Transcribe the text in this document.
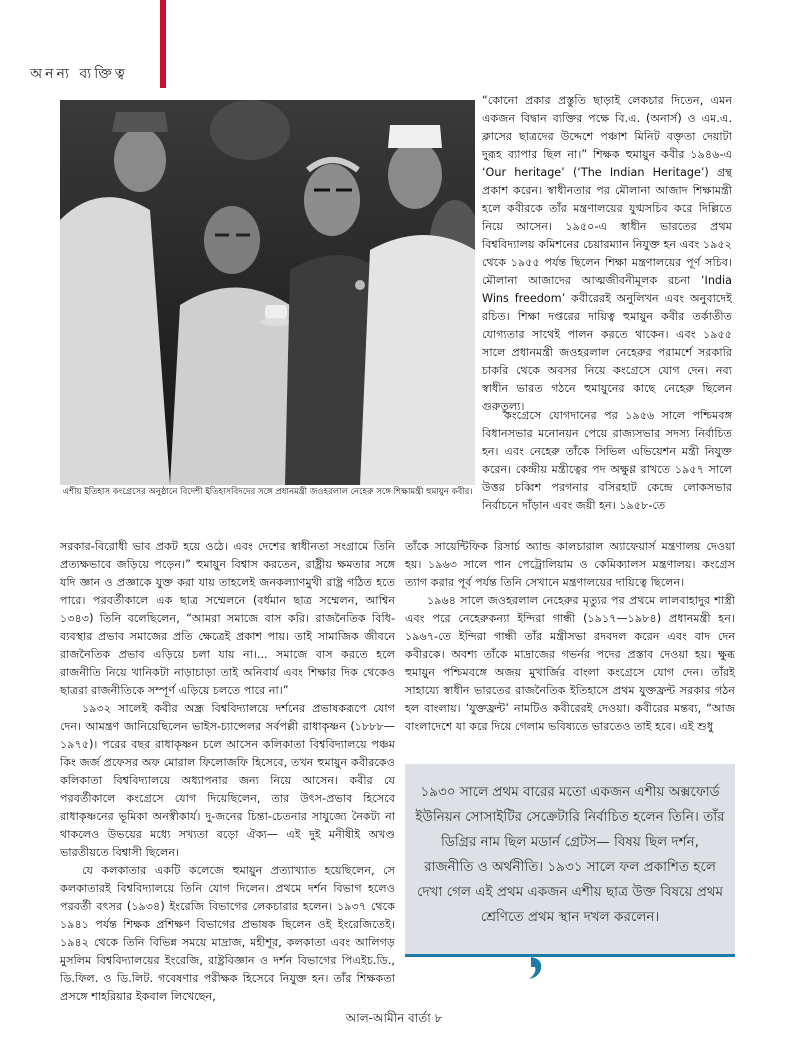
অনন্য ব্যক্তিত্ব
এশীয় ইতিহাস কংগ্রেসের অনুষ্ঠানে বিদেশী ইতিহাসবিদদের সঙ্গে প্রধানমন্ত্রী জওহরলাল নেহেরু সঙ্গে শিক্ষামন্ত্রী হুমায়ুন কবীর।

“কোনো প্রকার প্রস্তুতি ছাড়াই লেকচার দিতেন, এমন একজন বিদ্বান ব্যক্তির পক্ষে বি.এ. (অনার্স) ও এম.এ. ক্লাসের ছাত্রদের উদ্দেশে পঞ্চাশ মিনিট বক্তৃতা দেয়াটা দুরূহ ব্যাপার ছিল না।” শিক্ষক হুমায়ুন কবীর ১৯৪৬-এ ‘Our heritage’ (‘The Indian Heritage’) গ্রন্থ প্রকাশ করেন। স্বাধীনতার পর মৌলানা আজাদ শিক্ষামন্ত্রী হলে কবীরকে তাঁর মন্ত্রণালয়ের যুগ্মসচিব করে দিল্লিতে নিয়ে আসেন। ১৯৫০-এ স্বাধীন ভারতের প্রথম বিশ্ববিদ্যালয় কমিশনের চেয়ারম্যান নিযুক্ত হন এবং ১৯৫২ থেকে ১৯৫৫ পর্যন্ত ছিলেন শিক্ষা মন্ত্রণালয়ের পূর্ণ সচিব। মৌলানা আজাদের আত্মজীবনীমূলক রচনা ‘India Wins freedom’ কবীরেরই অনুলিখন এবং অনুবাদেই রচিত। শিক্ষা দপ্তরের দায়িত্ব হুমায়ুন কবীর তর্কাতীত যোগ্যতার সাথেই পালন করতে থাকেন। এবং ১৯৫৫ সালে প্রধানমন্ত্রী জওহরলাল নেহেরুর পরামর্শে সরকারি চাকরি থেকে অবসর নিয়ে কংগ্রেসে যোগ দেন। নব্য স্বাধীন ভারত গঠনে হুমায়ুনের কাছে নেহেরু ছিলেন গুরুতুল্য।

কংগ্রেসে যোগদানের পর ১৯৫৬ সালে পশ্চিমবঙ্গ বিধানসভার মনোনয়ন পেয়ে রাজ্যসভার সদস্য নির্বাচিত হন। এবং নেহেরু তাঁকে সিভিল এভিয়েশন মন্ত্রী নিযুক্ত করেন। কেন্দ্রীয় মন্ত্রীত্বের পদ অক্ষুণ্ণ রাখতে ১৯৫৭ সালে উত্তর চব্বিশ পরগনার বসিরহাট কেন্দ্রে লোকসভার নির্বাচনে দাঁড়ান এবং জয়ী হন। ১৯৫৮-তে

সরকার-বিরোধী ভাব প্রকট হয়ে ওঠে। এবং দেশের স্বাধীনতা সংগ্রামে তিনি প্রত্যক্ষভাবে জড়িয়ে পড়েন।” হুমায়ুন বিশ্বাস করতেন, রাষ্ট্রীয় ক্ষমতার সঙ্গে যদি জ্ঞান ও প্রজ্ঞাকে যুক্ত করা যায় তাহলেই জনকল্যাণমুখী রাষ্ট্র গঠিত হতে পারে। পরবর্তীকালে এক ছাত্র সম্মেলনে (বর্ধমান ছাত্র সম্মেলন, আশ্বিন ১৩৪৩) তিনি বলেছিলেন, “আমরা সমাজে বাস করি। রাজনৈতিক বিধি-ব্যবস্থার প্রভাব সমাজের প্রতি ক্ষেত্রেই প্রকাশ পায়। তাই সামাজিক জীবনে রাজনৈতিক প্রভাব এড়িয়ে চলা যায় না।... সমাজে বাস করতে হলে রাজনীতি নিয়ে খানিকটা নাড়াচাড়া তাই অনিবার্য এবং শিক্ষার দিক থেকেও ছাত্ররা রাজনীতিকে সম্পূর্ণ এড়িয়ে চলতে পারে না।”

১৯৩২ সালেই কবীর অন্ধ্র বিশ্ববিদ্যালয়ে দর্শনের প্রভাষকরূপে যোগ দেন। আমন্ত্রণ জানিয়েছিলেন ভাইস-চ্যান্সেলর সর্বপল্লী রাধাকৃষ্ণন (১৮৮৮—১৯৭৫)। পরের বছর রাধাকৃষ্ণন চলে আসেন কলিকাতা বিশ্ববিদ্যালয়ে পঞ্চম কিং জর্জ প্রফেসর অফ মোরাল ফিলোজফি হিসেবে, তখন হুমায়ুন কবীরকেও কলিকাতা বিশ্ববিদ্যালয়ে অধ্যাপনার জন্য নিয়ে আসেন। কবীর যে পরবর্তীকালে কংগ্রেসে যোগ দিয়েছিলেন, তার উৎস-প্রভাব হিসেবে রাধাকৃষ্ণনের ভূমিকা অনস্বীকার্য। দু-জনের চিন্তা-চেতনার সাযুজ্যে নৈকট্য না থাকলেও উভয়ের মধ্যে সখ্যতা বড়ো ঐক্য— এই দুই মনীষীই অখণ্ড ভারতীয়তে বিশ্বাসী ছিলেন।

যে কলকাতার একটি কলেজে হুমায়ুন প্রত্যাখ্যাত হয়েছিলেন, সে কলকাতারই বিশ্ববিদ্যালয়ে তিনি যোগ দিলেন। প্রথমে দর্শন বিভাগ হলেও পরবর্তী বৎসর (১৯৩৪) ইংরেজি বিভাগের লেকচারার হলেন। ১৯৩৭ থেকে ১৯৪১ পর্যন্ত শিক্ষক প্রশিক্ষণ বিভাগের প্রভাষক ছিলেন ওই ইংরেজিতেই। ১৯৪২ থেকে তিনি বিভিন্ন সময়ে মাদ্রাজ, মহীশূর, কলকাতা এবং আলিগড় মুসলিম বিশ্ববিদ্যালয়ের ইংরেজি, রাষ্ট্রবিজ্ঞান ও দর্শন বিভাগের পিএইচ.ডি., ডি.ফিল. ও ডি.লিট. গবেষণার পরীক্ষক হিসেবে নিযুক্ত হন। তাঁর শিক্ষকতা প্রসঙ্গে শাহরিয়ার ইকবাল লিখেছেন,

তাঁকে সায়েন্টিফিক রিসার্চ অ্যান্ড কালচারাল অ্যাফেয়ার্স মন্ত্রণালয় দেওয়া হয়। ১৯৬৩ সালে পান পেট্রোলিয়াম ও কেমিক্যালস মন্ত্রণালয়। কংগ্রেস ত্যাগ করার পূর্ব পর্যন্ত তিনি সেখানে মন্ত্রণালয়ের দায়িত্বে ছিলেন।

১৯৬৪ সালে জওহরলাল নেহেরুর মৃত্যুর পর প্রথমে লালবাহাদুর শাস্ত্রী এবং পরে নেহেরুকন্যা ইন্দিরা গান্ধী (১৯১৭—১৯৮৪) প্রধানমন্ত্রী হন। ১৯৬৭-তে ইন্দিরা গান্ধী তাঁর মন্ত্রীসভা রদবদল করেন এবং বাদ দেন কবীরকে। অবশ্য তাঁকে মাদ্রাজের গভর্নর পদের প্রস্তাব দেওয়া হয়। ক্ষুব্ধ হুমায়ুন পশ্চিমবঙ্গে অজয় মুখার্জির বাংলা কংগ্রেসে যোগ দেন। তাঁরই সাহায্যে স্বাধীন ভারতের রাজনৈতিক ইতিহাসে প্রথম যুক্তফ্রন্ট সরকার গঠন হল বাংলায়। ‘যুক্তফ্রন্ট’ নামটিও কবীরেরই দেওয়া। কবীরের মন্তব্য, “আজ বাংলাদেশে যা করে দিয়ে গেলাম ভবিষ্যতে ভারতেও তাই হবে। এই শুধু

১৯৩০ সালে প্রথম বারের মতো একজন এশীয় অক্সফোর্ড ইউনিয়ন সোসাইটির সেক্রেটারি নির্বাচিত হলেন তিনি। তাঁর ডিগ্রির নাম ছিল মডার্ন গ্রেটস— বিষয় ছিল দর্শন, রাজনীতি ও অর্থনীতি। ১৯৩১ সালে ফল প্রকাশিত হলে দেখা গেল এই প্রথম একজন এশীয় ছাত্র উক্ত বিষয়ে প্রথম শ্রেণিতে প্রথম স্থান দখল করলেন।
আল-আমীন বার্তা ৮
